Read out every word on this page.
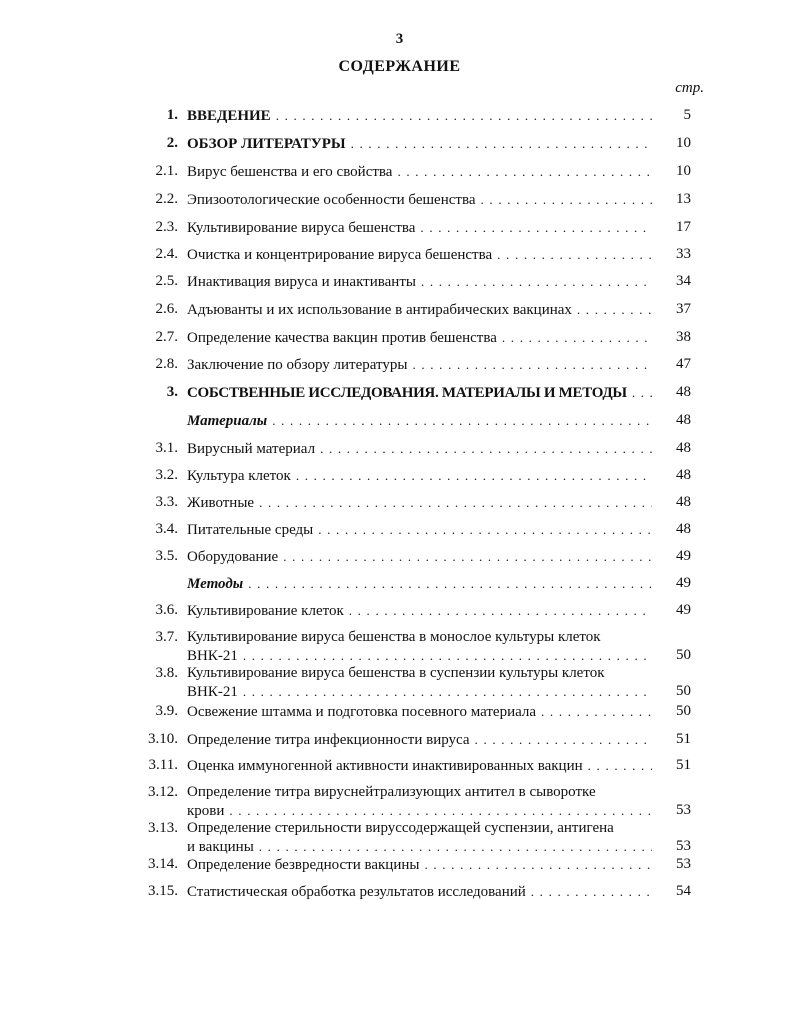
3
СОДЕРЖАНИЕ
стр.
1. ВВЕДЕНИЕ . . .	5
2. ОБЗОР ЛИТЕРАТУРЫ . . .	10
2.1. Вирус бешенства и его свойства . . .	10
2.2. Эпизоотологические особенности бешенства . . .	13
2.3. Культивирование вируса бешенства . . .	17
2.4. Очистка и концентрирование вируса бешенства . . .	33
2.5. Инактивация вируса и инактиванты . . .	34
2.6. Адъюванты и их использование в антирабических вакцинах . . .	37
2.7. Определение качества вакцин против бешенства . . .	38
2.8. Заключение по обзору литературы . . .	47
3. СОБСТВЕННЫЕ ИССЛЕДОВАНИЯ. МАТЕРИАЛЫ И МЕТОДЫ . . .	48
Материалы . . .	48
3.1. Вирусный материал . . .	48
3.2. Культура клеток . . .	48
3.3. Животные . . .	48
3.4. Питательные среды . . .	48
3.5. Оборудование . . .	49
Методы . . .	49
3.6. Культивирование клеток . . .	49
3.7. Культивирование вируса бешенства в монослое культуры клеток
ВНК-21 . . .	50
3.8. Культивирование вируса бешенства в суспензии культуры клеток
ВНК-21 . . .	50
3.9. Освежение штамма и подготовка посевного материала . . .	50
3.10. Определение титра инфекционности вируса . . .	51
3.11. Оценка иммуногенной активности инактивированных вакцин . . .	51
3.12. Определение титра вируснейтрализующих антител в сыворотке
крови . . .	53
3.13. Определение стерильности вируссодержащей суспензии, антигена
и вакцины . . .	53
3.14. Определение безвредности вакцины . . .	53
3.15. Статистическая обработка результатов исследований . . .	54
